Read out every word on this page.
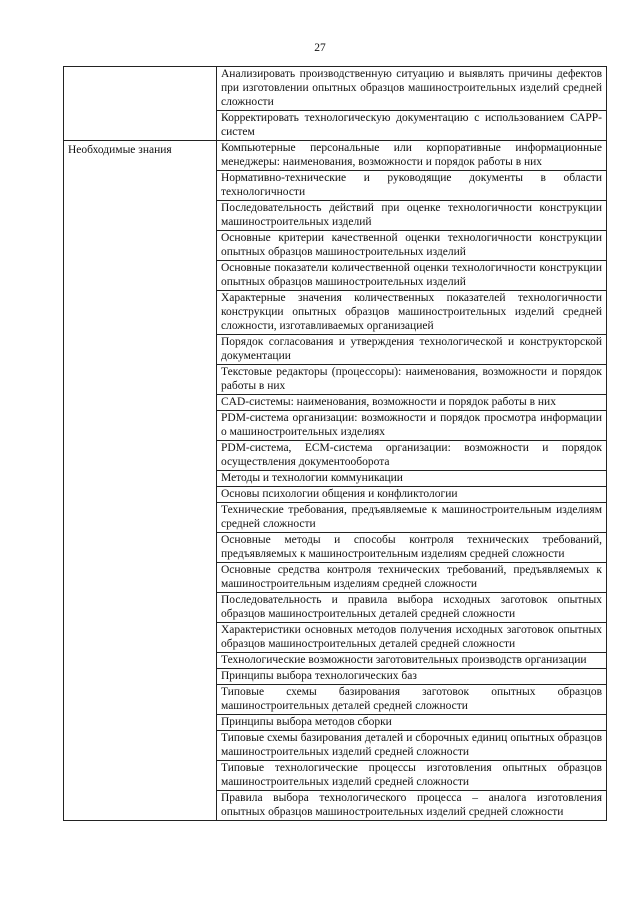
27
	Анализировать производственную ситуацию и выявлять причины дефектов при изготовлении опытных образцов машиностроительных изделий средней сложности
	Корректировать технологическую документацию с использованием САРР-систем
Необходимые знания	Компьютерные персональные или корпоративные информационные менеджеры: наименования, возможности и порядок работы в них
	Нормативно-технические и руководящие документы в области технологичности
	Последовательность действий при оценке технологичности конструкции машиностроительных изделий
	Основные критерии качественной оценки технологичности конструкции опытных образцов машиностроительных изделий
	Основные показатели количественной оценки технологичности конструкции опытных образцов машиностроительных изделий
	Характерные значения количественных показателей технологичности конструкции опытных образцов машиностроительных изделий средней сложности, изготавливаемых организацией
	Порядок согласования и утверждения технологической и конструкторской документации
	Текстовые редакторы (процессоры): наименования, возможности и порядок работы в них
	CAD-системы: наименования, возможности и порядок работы в них
	PDM-система организации: возможности и порядок просмотра информации о машиностроительных изделиях
	PDM-система, ECM-система организации: возможности и порядок осуществления документооборота
	Методы и технологии коммуникации
	Основы психологии общения и конфликтологии
	Технические требования, предъявляемые к машиностроительным изделиям средней сложности
	Основные методы и способы контроля технических требований, предъявляемых к машиностроительным изделиям средней сложности
	Основные средства контроля технических требований, предъявляемых к машиностроительным изделиям средней сложности
	Последовательность и правила выбора исходных заготовок опытных образцов машиностроительных деталей средней сложности
	Характеристики основных методов получения исходных заготовок опытных образцов машиностроительных деталей средней сложности
	Технологические возможности заготовительных производств организации
	Принципы выбора технологических баз
	Типовые схемы базирования заготовок опытных образцов машиностроительных деталей средней сложности
	Принципы выбора методов сборки
	Типовые схемы базирования деталей и сборочных единиц опытных образцов машиностроительных изделий средней сложности
	Типовые технологические процессы изготовления опытных образцов машиностроительных изделий средней сложности
	Правила выбора технологического процесса – аналога изготовления опытных образцов машиностроительных изделий средней сложности
